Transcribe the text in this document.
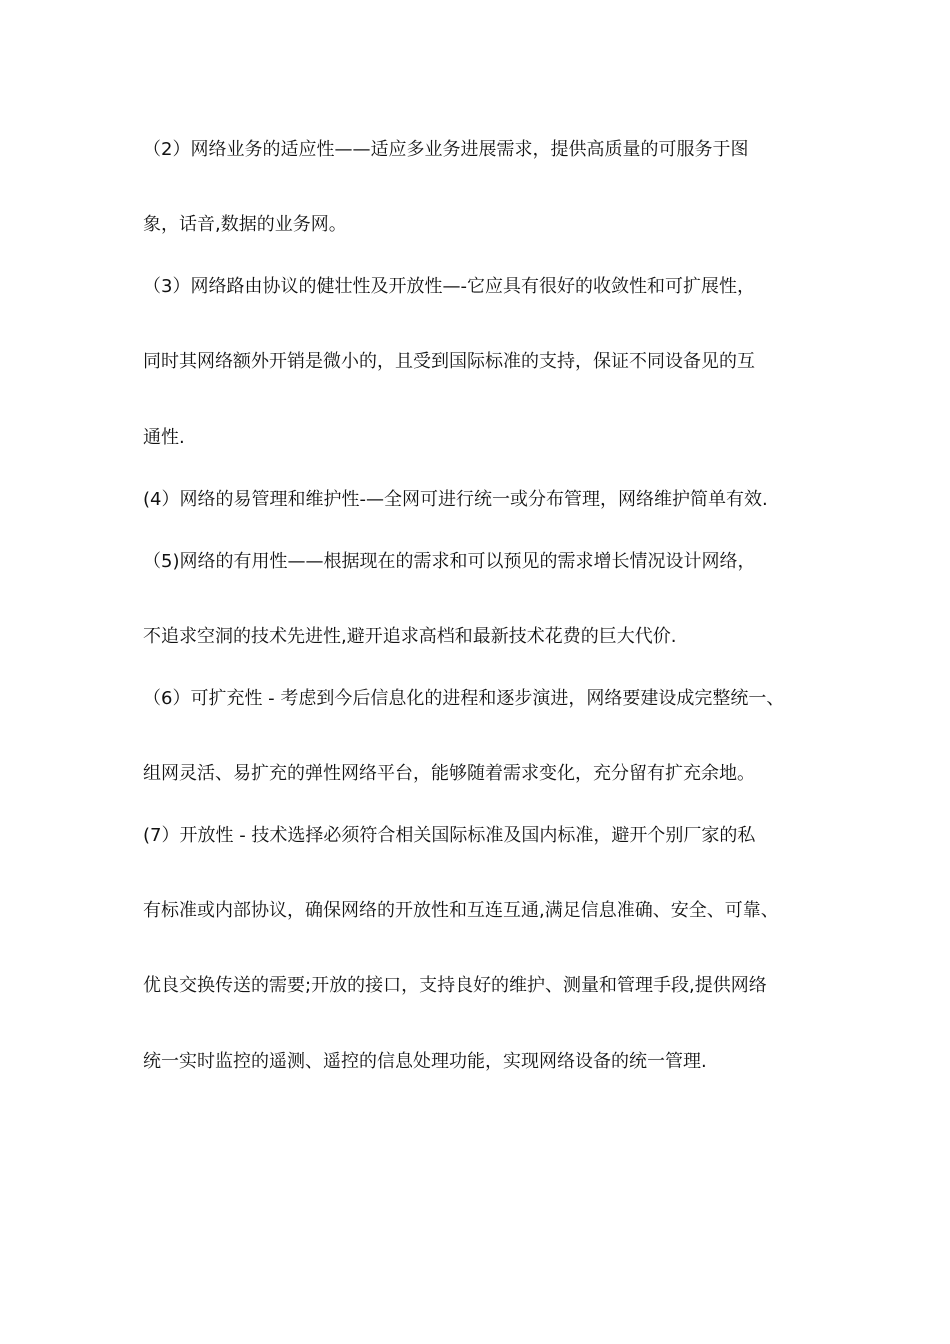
（2）网络业务的适应性——适应多业务进展需求，提供高质量的可服务于图
象，话音,数据的业务网。
（3）网络路由协议的健壮性及开放性—-它应具有很好的收敛性和可扩展性，
同时其网络额外开销是微小的，且受到国际标准的支持，保证不同设备见的互
通性.
(4）网络的易管理和维护性-—全网可进行统一或分布管理，网络维护简单有效.
（5)网络的有用性——根据现在的需求和可以预见的需求增长情况设计网络，
不追求空洞的技术先进性,避开追求高档和最新技术花费的巨大代价.
（6）可扩充性 - 考虑到今后信息化的进程和逐步演进，网络要建设成完整统一、
组网灵活、易扩充的弹性网络平台，能够随着需求变化，充分留有扩充余地。
(7）开放性 - 技术选择必须符合相关国际标准及国内标准，避开个别厂家的私
有标准或内部协议，确保网络的开放性和互连互通,满足信息准确、安全、可靠、
优良交换传送的需要;开放的接口，支持良好的维护、测量和管理手段,提供网络
统一实时监控的遥测、遥控的信息处理功能，实现网络设备的统一管理.
